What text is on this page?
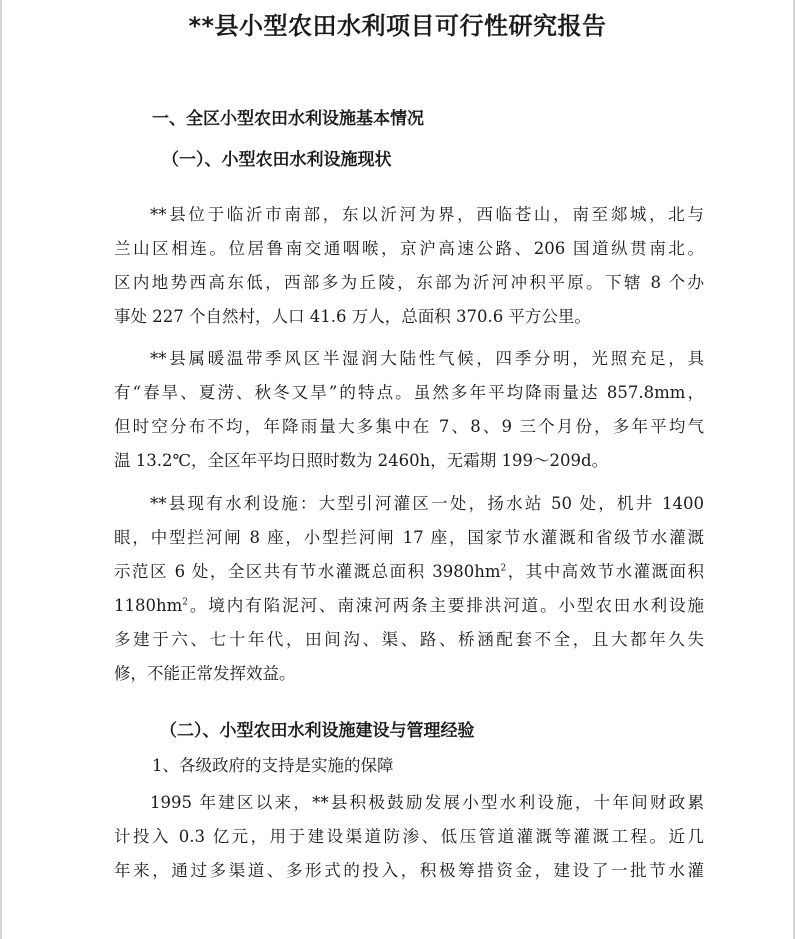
**县小型农田水利项目可行性研究报告
一、全区小型农田水利设施基本情况
（一）、小型农田水利设施现状
**县位于临沂市南部，东以沂河为界，西临苍山，南至郯城，北与
兰山区相连。位居鲁南交通咽喉，京沪高速公路、206 国道纵贯南北。
区内地势西高东低，西部多为丘陵，东部为沂河冲积平原。下辖 8 个办
事处 227 个自然村，人口 41.6 万人，总面积 370.6 平方公里。
**县属暖温带季风区半湿润大陆性气候，四季分明，光照充足，具
有“春旱、夏涝、秋冬又旱”的特点。虽然多年平均降雨量达 857.8mm，
但时空分布不均，年降雨量大多集中在 7、8、9 三个月份，多年平均气
温 13.2℃，全区年平均日照时数为 2460h，无霜期 199～209d。
**县现有水利设施：大型引河灌区一处，扬水站 50 处，机井 1400
眼，中型拦河闸 8 座，小型拦河闸 17 座，国家节水灌溉和省级节水灌溉
示范区 6 处，全区共有节水灌溉总面积 $3980hm^2$，其中高效节水灌溉面积
$1180hm^2$。境内有陷泥河、南涑河两条主要排洪河道。小型农田水利设施
多建于六、七十年代，田间沟、渠、路、桥涵配套不全，且大都年久失
修，不能正常发挥效益。
（二）、小型农田水利设施建设与管理经验
1、各级政府的支持是实施的保障
1995 年建区以来，**县积极鼓励发展小型水利设施，十年间财政累
计投入 0.3 亿元，用于建设渠道防渗、低压管道灌溉等灌溉工程。近几
年来，通过多渠道、多形式的投入，积极筹措资金，建设了一批节水灌
